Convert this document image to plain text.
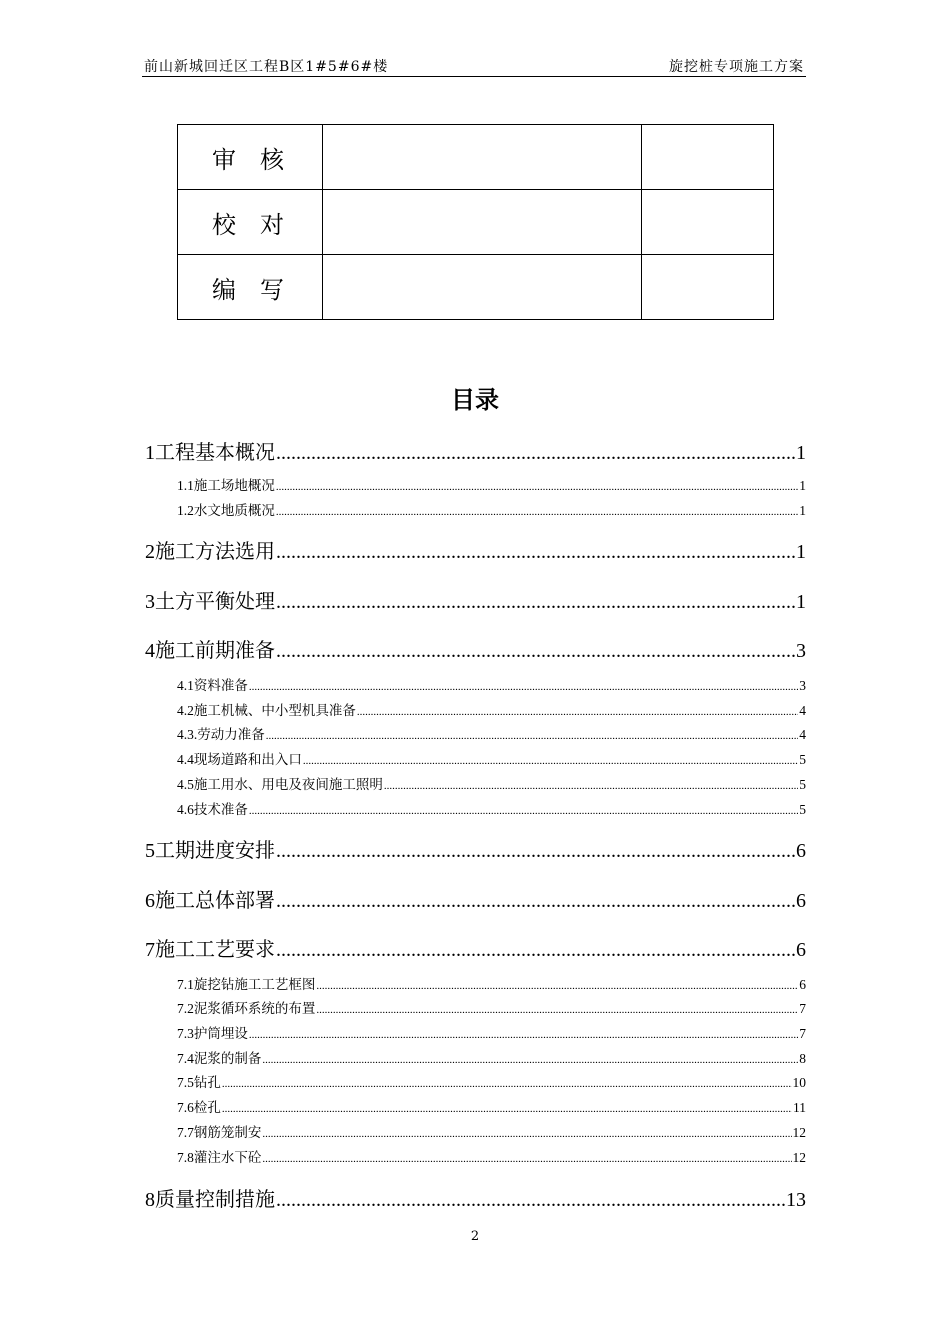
前山新城回迁区工程B区1#5#6#楼	旋挖桩专项施工方案
审　核		
校　对		
编　写		
目录
1工程基本概况 .....	1
1.1施工场地概况 .....	1
1.2水文地质概况 .....	1
2施工方法选用 .....	1
3土方平衡处理 .....	1
4施工前期准备 .....	3
4.1资料准备 .....	3
4.2施工机械、中小型机具准备 .....	4
4.3.劳动力准备 .....	4
4.4现场道路和出入口 .....	5
4.5施工用水、用电及夜间施工照明 .....	5
4.6技术准备 .....	5
5工期进度安排 .....	6
6施工总体部署 .....	6
7施工工艺要求 .....	6
7.1旋挖钻施工工艺框图 .....	6
7.2泥浆循环系统的布置 .....	7
7.3护筒埋设 .....	7
7.4泥浆的制备 .....	8
7.5钻孔 .....	10
7.6检孔 .....	11
7.7钢筋笼制安 .....	12
7.8灌注水下砼 .....	12
8质量控制措施 .....	13
2
